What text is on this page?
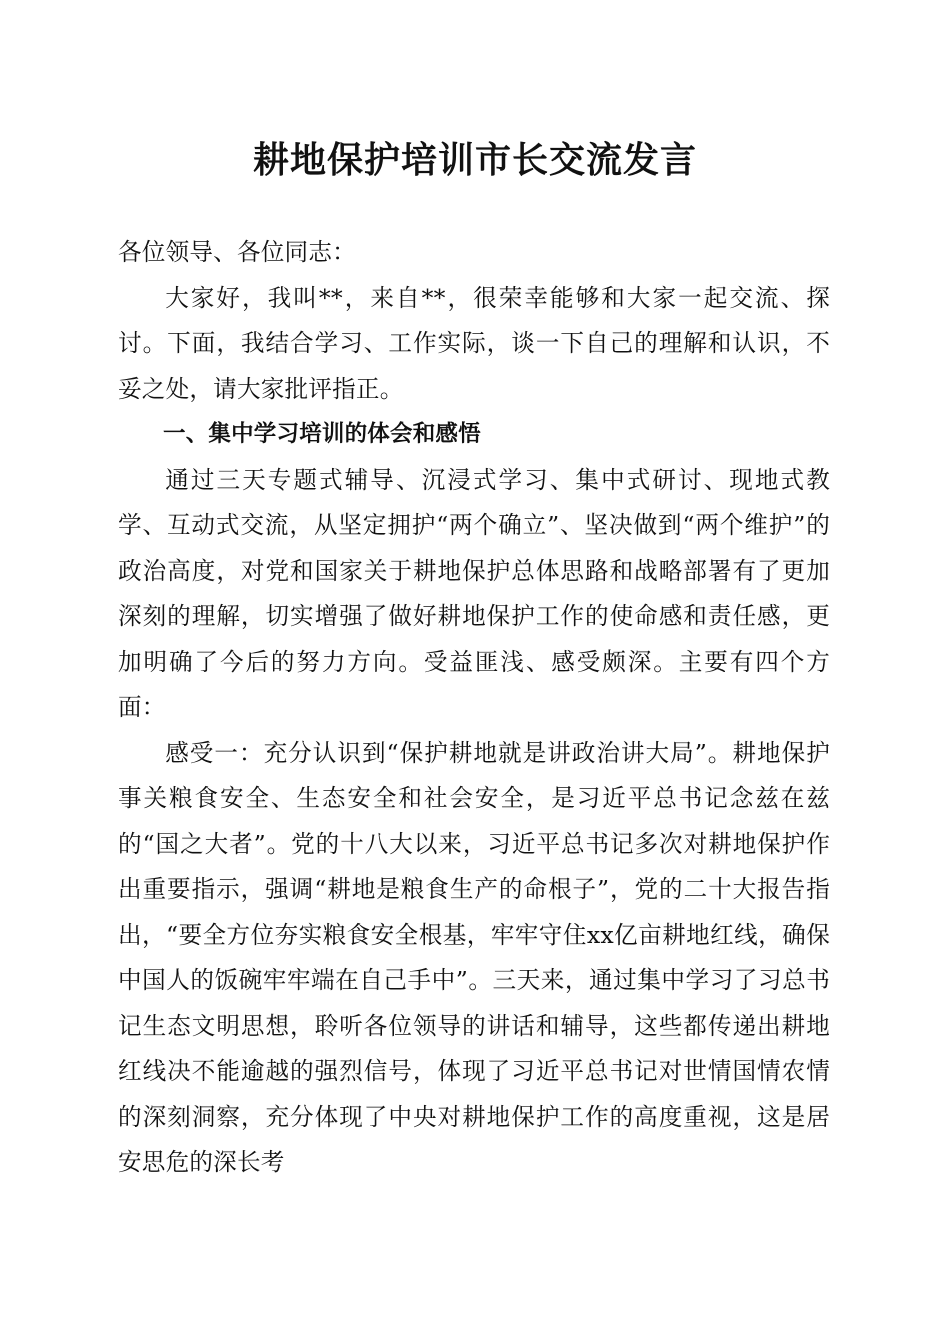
耕地保护培训市长交流发言

各位领导、各位同志：

大家好，我叫**，来自**，很荣幸能够和大家一起交流、探讨。下面，我结合学习、工作实际，谈一下自己的理解和认识，不妥之处，请大家批评指正。

一、集中学习培训的体会和感悟

通过三天专题式辅导、沉浸式学习、集中式研讨、现地式教学、互动式交流，从坚定拥护“两个确立”、坚决做到“两个维护”的政治高度，对党和国家关于耕地保护总体思路和战略部署有了更加深刻的理解，切实增强了做好耕地保护工作的使命感和责任感，更加明确了今后的努力方向。受益匪浅、感受颇深。主要有四个方面：

感受一：充分认识到“保护耕地就是讲政治讲大局”。耕地保护事关粮食安全、生态安全和社会安全，是习近平总书记念兹在兹的“国之大者”。党的十八大以来，习近平总书记多次对耕地保护作出重要指示，强调“耕地是粮食生产的命根子”，党的二十大报告指出，“要全方位夯实粮食安全根基，牢牢守住xx亿亩耕地红线，确保中国人的饭碗牢牢端在自己手中”。三天来，通过集中学习了习总书记生态文明思想，聆听各位领导的讲话和辅导，这些都传递出耕地红线决不能逾越的强烈信号，体现了习近平总书记对世情国情农情的深刻洞察，充分体现了中央对耕地保护工作的高度重视，这是居安思危的深长考
